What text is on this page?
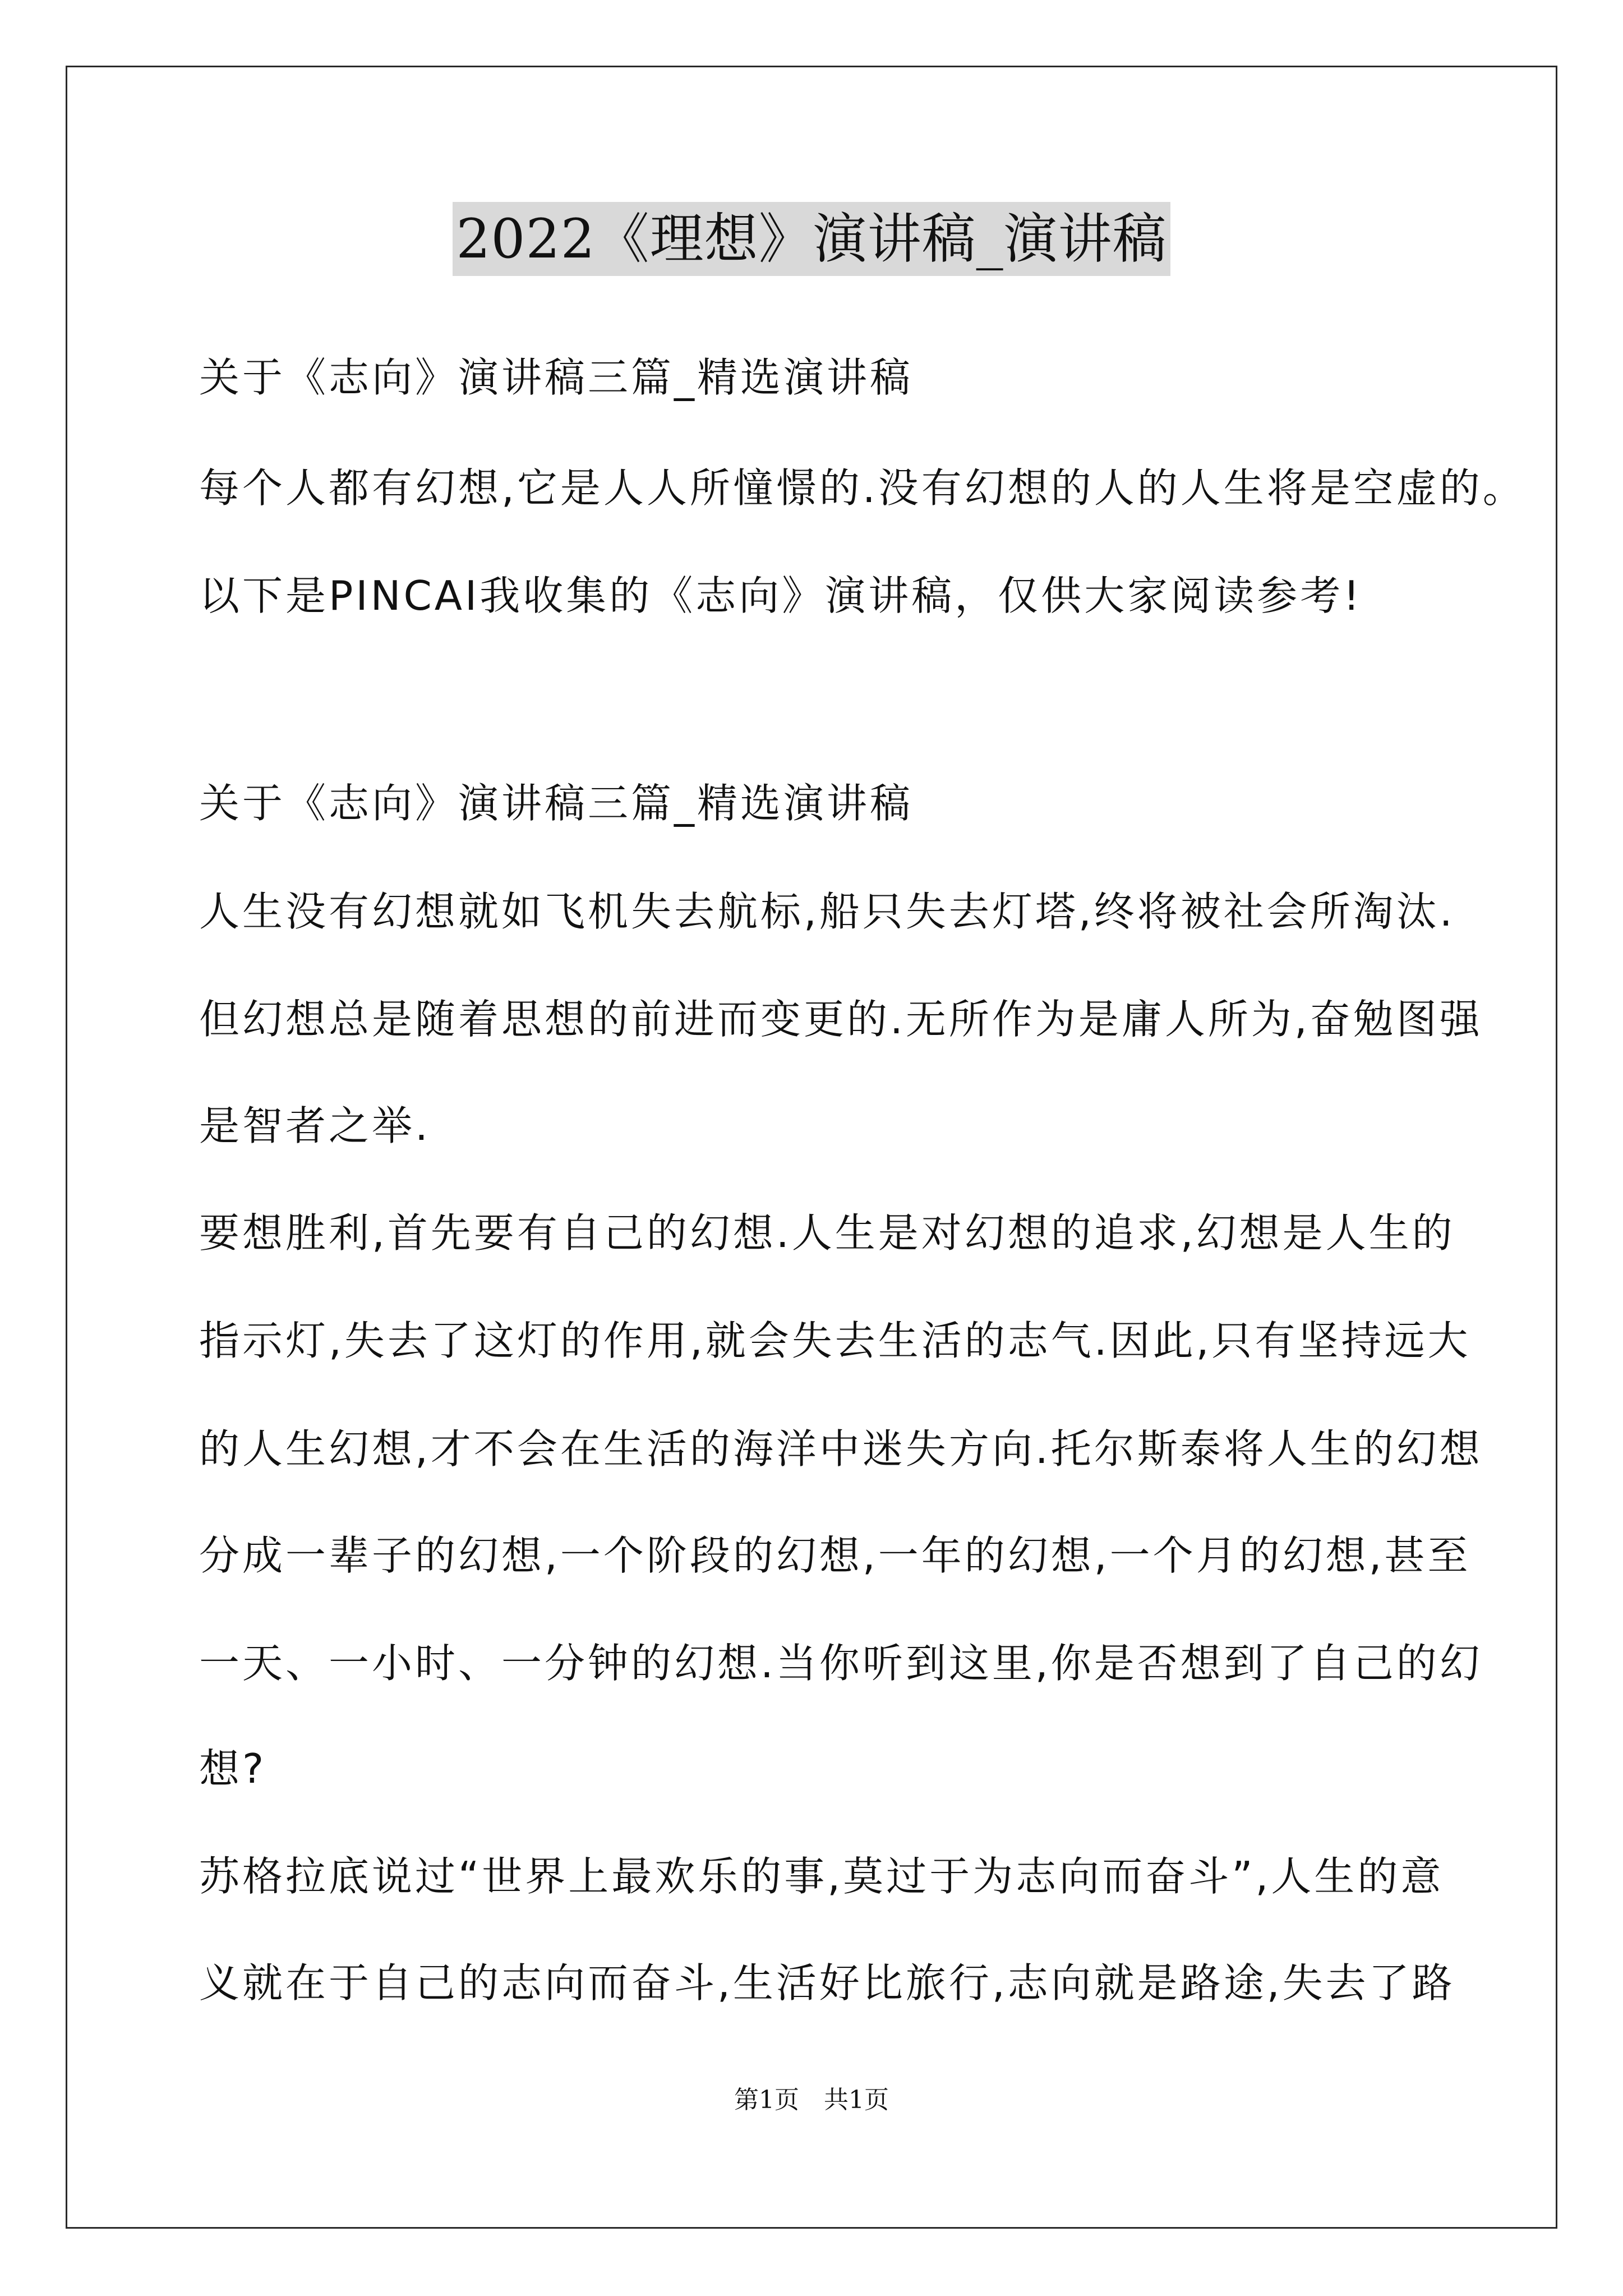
2022《理想》演讲稿_演讲稿
关于《志向》演讲稿三篇_精选演讲稿
每个人都有幻想,它是人人所憧憬的.没有幻想的人的人生将是空虚的。
以下是PINCAI我收集的《志向》演讲稿，仅供大家阅读参考!
关于《志向》演讲稿三篇_精选演讲稿
人生没有幻想就如飞机失去航标,船只失去灯塔,终将被社会所淘汰.
但幻想总是随着思想的前进而变更的.无所作为是庸人所为,奋勉图强
是智者之举.
要想胜利,首先要有自己的幻想.人生是对幻想的追求,幻想是人生的
指示灯,失去了这灯的作用,就会失去生活的志气.因此,只有坚持远大
的人生幻想,才不会在生活的海洋中迷失方向.托尔斯泰将人生的幻想
分成一辈子的幻想,一个阶段的幻想,一年的幻想,一个月的幻想,甚至
一天、一小时、一分钟的幻想.当你听到这里,你是否想到了自己的幻
想?
苏格拉底说过“世界上最欢乐的事,莫过于为志向而奋斗”,人生的意
义就在于自己的志向而奋斗,生活好比旅行,志向就是路途,失去了路
第1页　共1页
